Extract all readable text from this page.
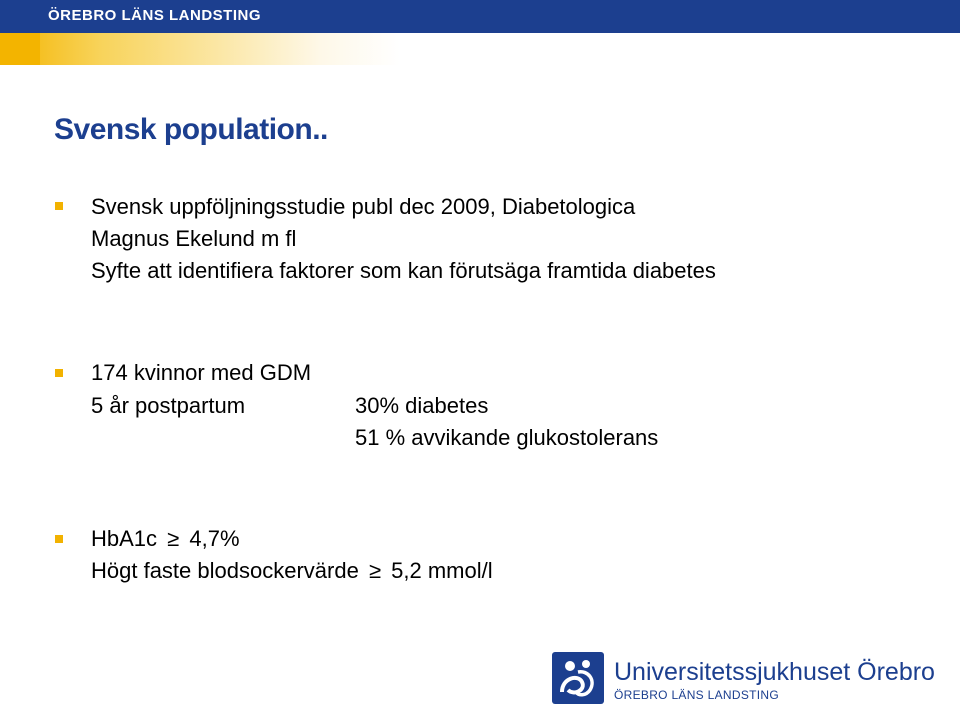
ÖREBRO LÄNS LANDSTING
Svensk population..
Svensk uppföljningsstudie publ dec 2009, Diabetologica
Magnus Ekelund m fl
Syfte att identifiera faktorer som kan förutsäga framtida diabetes
174 kvinnor med GDM
5 år postpartum	30% diabetes
51 % avvikande glukostolerans
HbA1c ≥ 4,7%
Högt faste blodsockervärde ≥ 5,2 mmol/l
Universitetssjukhuset Örebro
ÖREBRO LÄNS LANDSTING
